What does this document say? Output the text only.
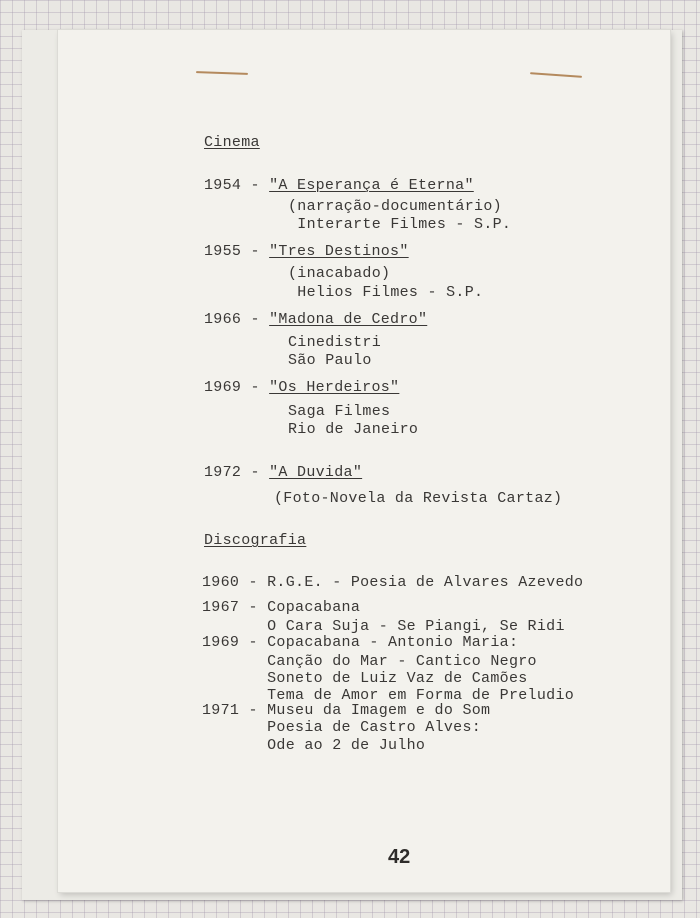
Cinema
1954 - "A Esperança é Eterna"
(narração-documentário)
Interarte Filmes - S.P.
1955 - "Tres Destinos"
(inacabado)
Helios Filmes - S.P.
1966 - "Madona de Cedro"
Cinedistri
São Paulo
1969 - "Os Herdeiros"
Saga Filmes
Rio de Janeiro
1972 - "A Duvida"
(Foto-Novela da Revista Cartaz)
Discografia
1960 - R.G.E. - Poesia de Alvares Azevedo
1967 - Copacabana
O Cara Suja - Se Piangi, Se Ridi
1969 - Copacabana - Antonio Maria:
Canção do Mar - Cantico Negro
Soneto de Luiz Vaz de Camões
Tema de Amor em Forma de Preludio
1971 - Museu da Imagem e do Som
Poesia de Castro Alves:
Ode ao 2 de Julho
42
